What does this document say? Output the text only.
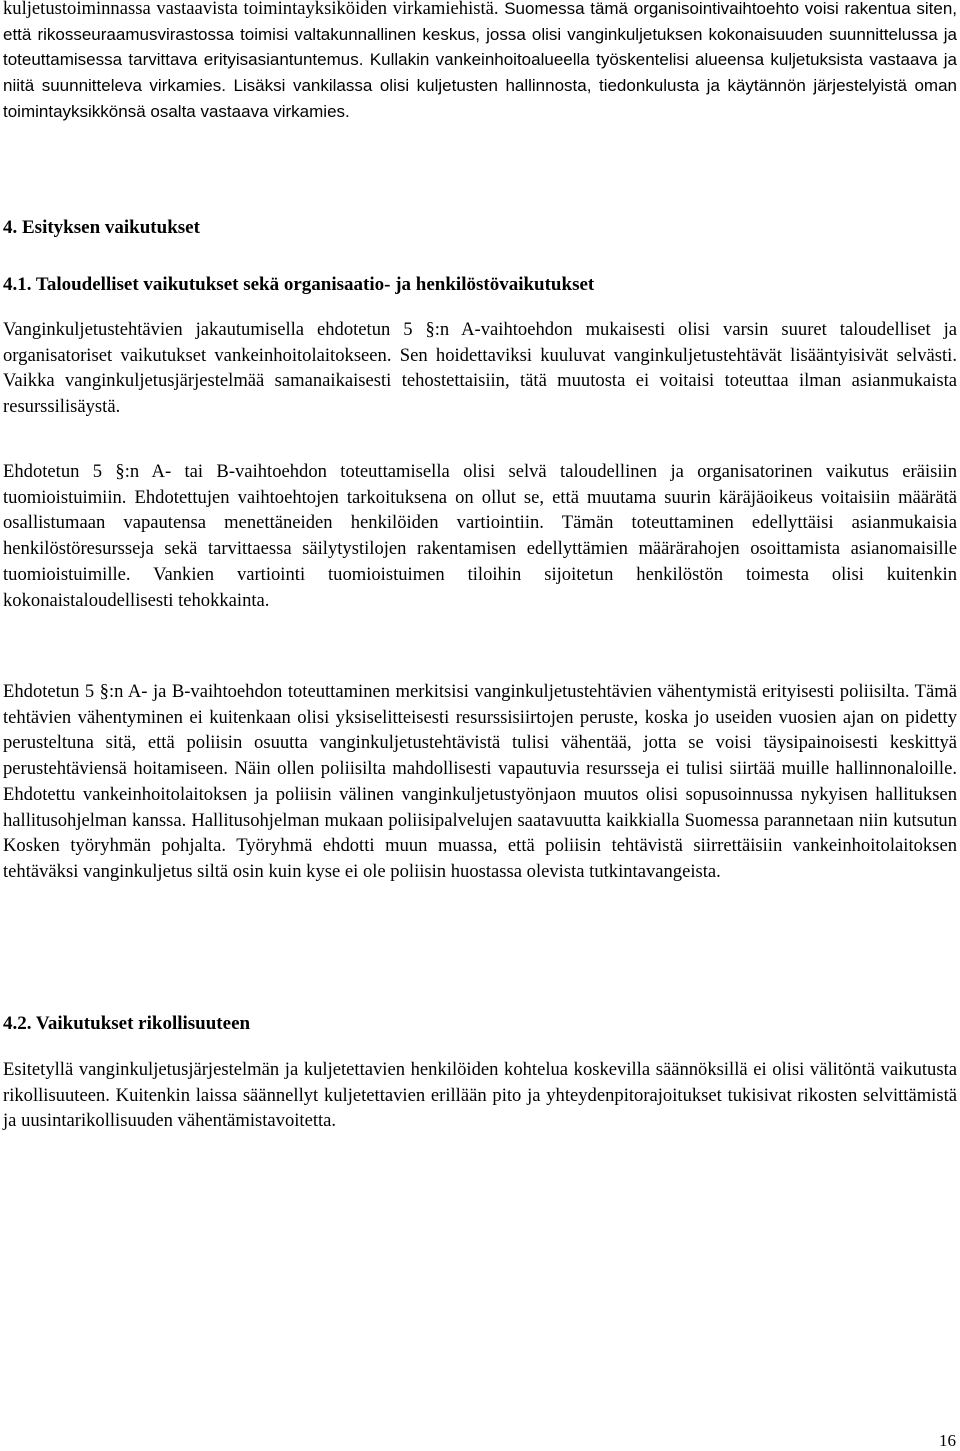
kuljetustoiminnassa vastaavista toimintayksiköiden virkamiehistä. Suomessa tämä organisointivaihtoehto voisi rakentua siten, että rikosseuraamusvirastossa toimisi valtakunnallinen keskus, jossa olisi vanginkuljetuksen kokonaisuuden suunnittelussa ja toteuttamisessa tarvittava erityisasiantuntemus. Kullakin vankeinhoitoalueella työskentelisi alueensa kuljetuksista vastaava ja niitä suunnitteleva virkamies. Lisäksi vankilassa olisi kuljetusten hallinnosta, tiedonkulusta ja käytännön järjestelyistä oman toimintayksikkönsä osalta vastaava virkamies.

4. Esityksen vaikutukset
4.1. Taloudelliset vaikutukset sekä organisaatio- ja henkilöstövaikutukset

Vanginkuljetustehtävien jakautumisella ehdotetun 5 §:n A-vaihtoehdon mukaisesti olisi varsin suuret taloudelliset ja organisatoriset vaikutukset vankeinhoitolaitokseen. Sen hoidettaviksi kuuluvat vanginkuljetustehtävät lisääntyisivät selvästi. Vaikka vanginkuljetusjärjestelmää samanaikaisesti tehostettaisiin, tätä muutosta ei voitaisi toteuttaa ilman asianmukaista resurssilisäystä.

Ehdotetun 5 §:n A- tai B-vaihtoehdon toteuttamisella olisi selvä taloudellinen ja organisatorinen vaikutus eräisiin tuomioistuimiin. Ehdotettujen vaihtoehtojen tarkoituksena on ollut se, että muutama suurin käräjäoikeus voitaisiin määrätä osallistumaan vapautensa menettäneiden henkilöiden vartiointiin. Tämän toteuttaminen edellyttäisi asianmukaisia henkilöstöresursseja sekä tarvittaessa säilytystilojen rakentamisen edellyttämien määrärahojen osoittamista asianomaisille tuomioistuimille. Vankien vartiointi tuomioistuimen tiloihin sijoitetun henkilöstön toimesta olisi kuitenkin kokonaistaloudellisesti tehokkainta.

Ehdotetun 5 §:n A- ja B-vaihtoehdon toteuttaminen merkitsisi vanginkuljetustehtävien vähentymistä erityisesti poliisilta. Tämä tehtävien vähentyminen ei kuitenkaan olisi yksiselitteisesti resurssisiirtojen peruste, koska jo useiden vuosien ajan on pidetty perusteltuna sitä, että poliisin osuutta vanginkuljetustehtävistä tulisi vähentää, jotta se voisi täysipainoisesti keskittyä perustehtäviensä hoitamiseen. Näin ollen poliisilta mahdollisesti vapautuvia resursseja ei tulisi siirtää muille hallinnonaloille. Ehdotettu vankeinhoitolaitoksen ja poliisin välinen vanginkuljetustyönjaon muutos olisi sopusoinnussa nykyisen hallituksen hallitusohjelman kanssa. Hallitusohjelman mukaan poliisipalvelujen saatavuutta kaikkialla Suomessa parannetaan niin kutsutun Kosken työryhmän pohjalta. Työryhmä ehdotti muun muassa, että poliisin tehtävistä siirrettäisiin vankeinhoitolaitoksen tehtäväksi vanginkuljetus siltä osin kuin kyse ei ole poliisin huostassa olevista tutkintavangeista.

4.2. Vaikutukset rikollisuuteen

Esitetyllä vanginkuljetusjärjestelmän ja kuljetettavien henkilöiden kohtelua koskevilla säännöksillä ei olisi välitöntä vaikutusta rikollisuuteen. Kuitenkin laissa säännellyt kuljetettavien erillään pito ja yhteydenpitorajoitukset tukisivat rikosten selvittämistä ja uusintarikollisuuden vähentämistavoitetta.

16
